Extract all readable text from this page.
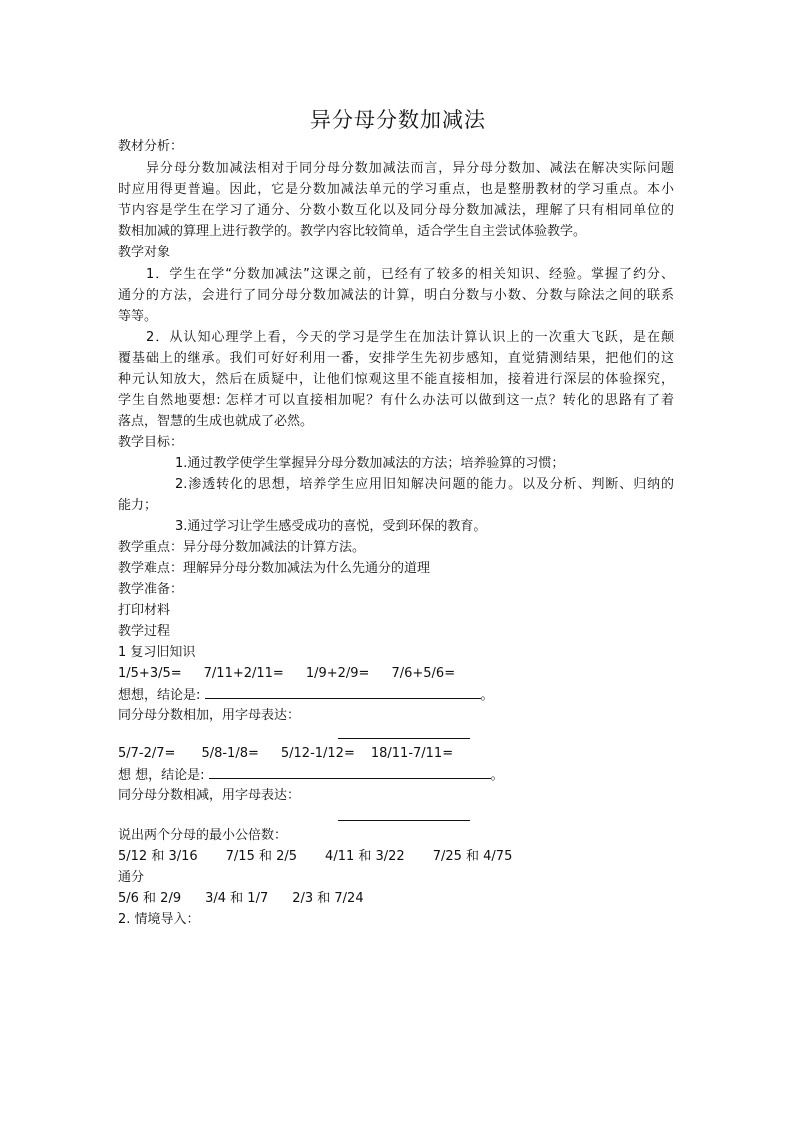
异分母分数加减法
教材分析：
异分母分数加减法相对于同分母分数加减法而言，异分母分数加、减法在解决实际问题
时应用得更普遍。因此，它是分数加减法单元的学习重点，也是整册教材的学习重点。本小
节内容是学生在学习了通分、分数小数互化以及同分母分数加减法，理解了只有相同单位的
数相加减的算理上进行教学的。教学内容比较简单，适合学生自主尝试体验教学。
教学对象
1．学生在学“分数加减法”这课之前，已经有了较多的相关知识、经验。掌握了约分、
通分的方法，会进行了同分母分数加减法的计算，明白分数与小数、分数与除法之间的联系
等等。
2．从认知心理学上看，今天的学习是学生在加法计算认识上的一次重大飞跃，是在颠
覆基础上的继承。我们可好好利用一番，安排学生先初步感知，直觉猜测结果，把他们的这
种元认知放大，然后在质疑中，让他们惊观这里不能直接相加，接着进行深层的体验探究，
学生自然地要想: 怎样才可以直接相加呢？有什么办法可以做到这一点？转化的思路有了着
落点，智慧的生成也就成了必然。
教学目标：
1.通过教学使学生掌握异分母分数加减法的方法；培养验算的习惯；
2.渗透转化的思想，培养学生应用旧知解决问题的能力。以及分析、判断、归纳的
能力；
3.通过学习让学生感受成功的喜悦，受到环保的教育。
教学重点：异分母分数加减法的计算方法。
教学难点：理解异分母分数加减法为什么先通分的道理
教学准备：
打印材料
教学过程
1 复习旧知识
1/5+3/5= 7/11+2/11= 1/9+2/9= 7/6+5/6=
想想，结论是:	。
同分母分数相加，用字母表达：
5/7-2/7= 5/8-1/8= 5/12-1/12= 18/11-7/11=
想 想，结论是:	。
同分母分数相减，用字母表达：
说出两个分母的最小公倍数：
5/12 和 3/16 7/15 和 2/5 4/11 和 3/22 7/25 和 4/75
通分
5/6 和 2/9 3/4 和 1/7 2/3 和 7/24
2. 情境导入：
